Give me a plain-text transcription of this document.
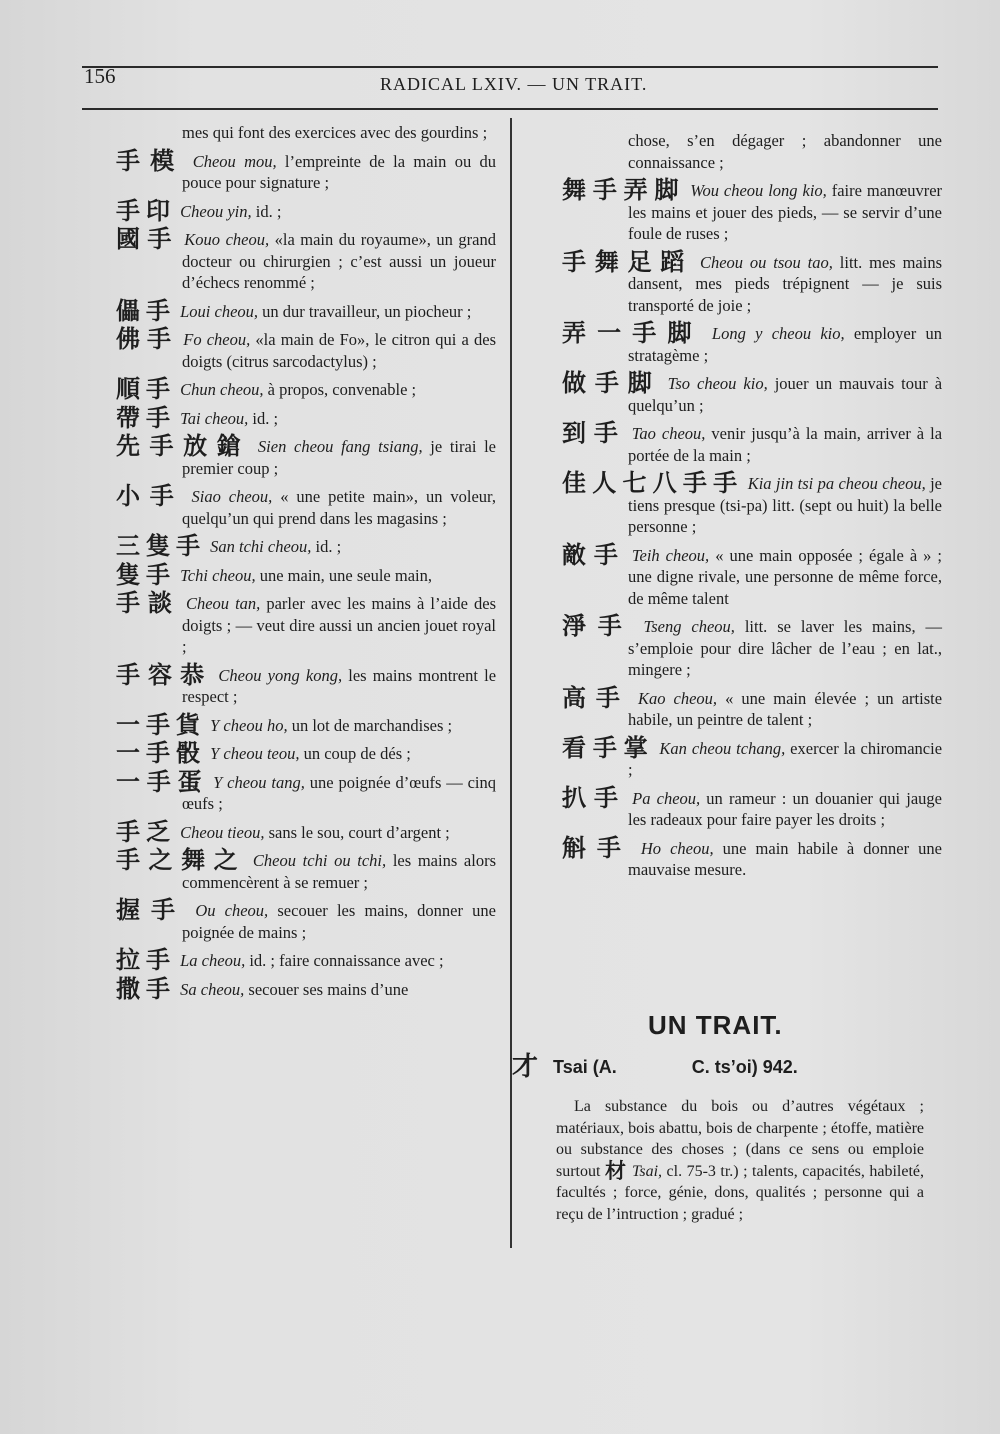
156	RADICAL LXIV. — UN TRAIT.
mes qui font des exercices avec des gourdins ;
手模 Cheou mou, l’empreinte de la main ou du pouce pour signature ;
手印 Cheou yin, id. ;
國手 Kouo cheou, «la main du royaume», un grand docteur ou chirurgien ; c’est aussi un joueur d’échecs renommé ;
儡手 Loui cheou, un dur travailleur, un piocheur ;
佛手 Fo cheou, «la main de Fo», le citron qui a des doigts (citrus sarcodactylus) ;
順手 Chun cheou, à propos, convenable ;
帶手 Tai cheou, id. ;
先手放鎗 Sien cheou fang tsiang, je tirai le premier coup ;
小手 Siao cheou, « une petite main», un voleur, quelqu’un qui prend dans les magasins ;
三隻手 San tchi cheou, id. ;
隻手 Tchi cheou, une main, une seule main,
手談 Cheou tan, parler avec les mains à l’aide des doigts ; — veut dire aussi un ancien jouet royal ;
手容恭 Cheou yong kong, les mains montrent le respect ;
一手貨 Y cheou ho, un lot de marchandises ;
一手骰 Y cheou teou, un coup de dés ;
一手蛋 Y cheou tang, une poignée d’œufs — cinq œufs ;
手乏 Cheou tieou, sans le sou, court d’argent ;
手之舞之 Cheou tchi ou tchi, les mains alors commencèrent à se remuer ;
握手 Ou cheou, secouer les mains, donner une poignée de mains ;
拉手 La cheou, id. ; faire connaissance avec ;
撒手 Sa cheou, secouer ses mains d’une
chose, s’en dégager ; abandonner une connaissance ;
舞手弄脚 Wou cheou long kio, faire manœuvrer les mains et jouer des pieds, — se servir d’une foule de ruses ;
手舞足蹈 Cheou ou tsou tao, litt. mes mains dansent, mes pieds trépignent — je suis transporté de joie ;
弄一手脚 Long y cheou kio, employer un stratagème ;
做手脚 Tso cheou kio, jouer un mauvais tour à quelqu’un ;
到手 Tao cheou, venir jusqu’à la main, arriver à la portée de la main ;
佳人七八手手 Kia jin tsi pa cheou cheou, je tiens presque (tsi-pa) litt. (sept ou huit) la belle personne ;
敵手 Teih cheou, « une main opposée ; égale à » ; une digne rivale, une personne de même force, de même talent
淨手 Tseng cheou, litt. se laver les mains, — s’emploie pour dire lâcher de l’eau ; en lat., mingere ;
高手 Kao cheou, « une main élevée ; un artiste habile, un peintre de talent ;
看手掌 Kan cheou tchang, exercer la chiromancie ;
扒手 Pa cheou, un rameur : un douanier qui jauge les radeaux pour faire payer les droits ;
斛手 Ho cheou, une main habile à donner une mauvaise mesure.
UN TRAIT.
才 Tsai (A.	C. ts’oi) 942.
La substance du bois ou d’autres végétaux ; matériaux, bois abattu, bois de charpente ; étoffe, matière ou substance des choses ; (dans ce sens ou emploie surtout 材 Tsai, cl. 75-3 tr.) ; talents, capacités, habileté, facultés ; force, génie, dons, qualités ; personne qui a reçu de l’intruction ; gradué ;
